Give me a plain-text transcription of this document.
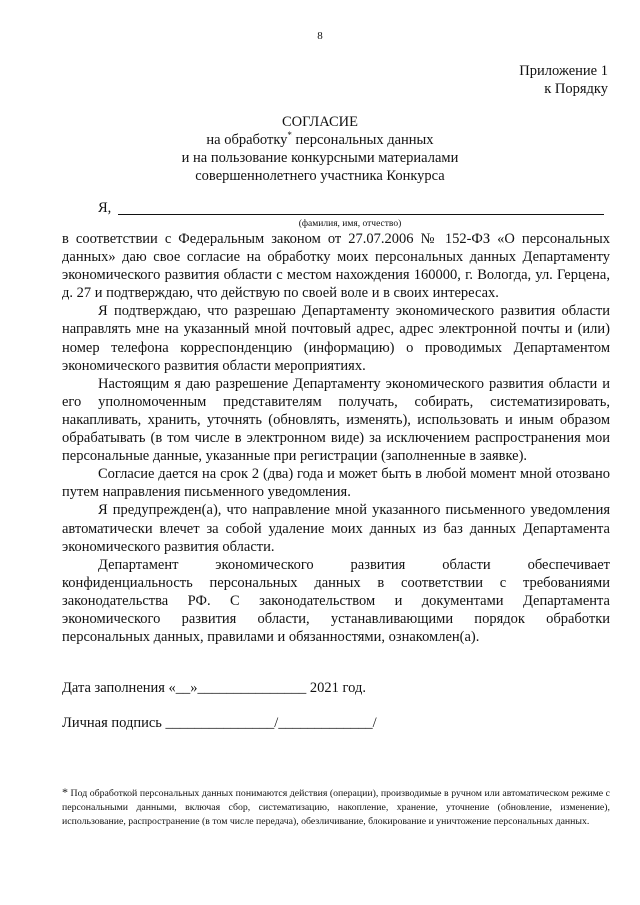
8
Приложение 1
к Порядку
СОГЛАСИЕ
на обработку* персональных данных
и на пользование конкурсными материалами
совершеннолетнего участника Конкурса
Я,
(фамилия, имя, отчество)

в соответствии с Федеральным законом от 27.07.2006 № 152-ФЗ «О персональных данных» даю свое согласие на обработку моих персональных данных Департаменту экономического развития области с местом нахождения 160000, г. Вологда, ул. Герцена, д. 27 и подтверждаю, что действую по своей воле и в своих интересах.

Я подтверждаю, что разрешаю Департаменту экономического развития области направлять мне на указанный мной почтовый адрес, адрес электронной почты и (или) номер телефона корреспонденцию (информацию) о проводимых Департаментом экономического развития области мероприятиях.

Настоящим я даю разрешение Департаменту экономического развития области и его уполномоченным представителям получать, собирать, систематизировать, накапливать, хранить, уточнять (обновлять, изменять), использовать и иным образом обрабатывать (в том числе в электронном виде) за исключением распространения мои персональные данные, указанные при регистрации (заполненные в заявке).

Согласие дается на срок 2 (два) года и может быть в любой момент мной отозвано путем направления письменного уведомления.

Я предупрежден(а), что направление мной указанного письменного уведомления автоматически влечет за собой удаление моих данных из баз данных Департамента экономического развития области.

Департамент экономического развития области обеспечивает конфиденциальность персональных данных в соответствии с требованиями законодательства РФ. С законодательством и документами Департамента экономического развития области, устанавливающими порядок обработки персональных данных, правилами и обязанностями, ознакомлен(а).

Дата заполнения «__»_______________ 2021 год.
Личная подпись _______________/_____________/
* Под обработкой персональных данных понимаются действия (операции), производимые в ручном или автоматическом режиме с персональными данными, включая сбор, систематизацию, накопление, хранение, уточнение (обновление, изменение), использование, распространение (в том числе передача), обезличивание, блокирование и уничтожение персональных данных.
